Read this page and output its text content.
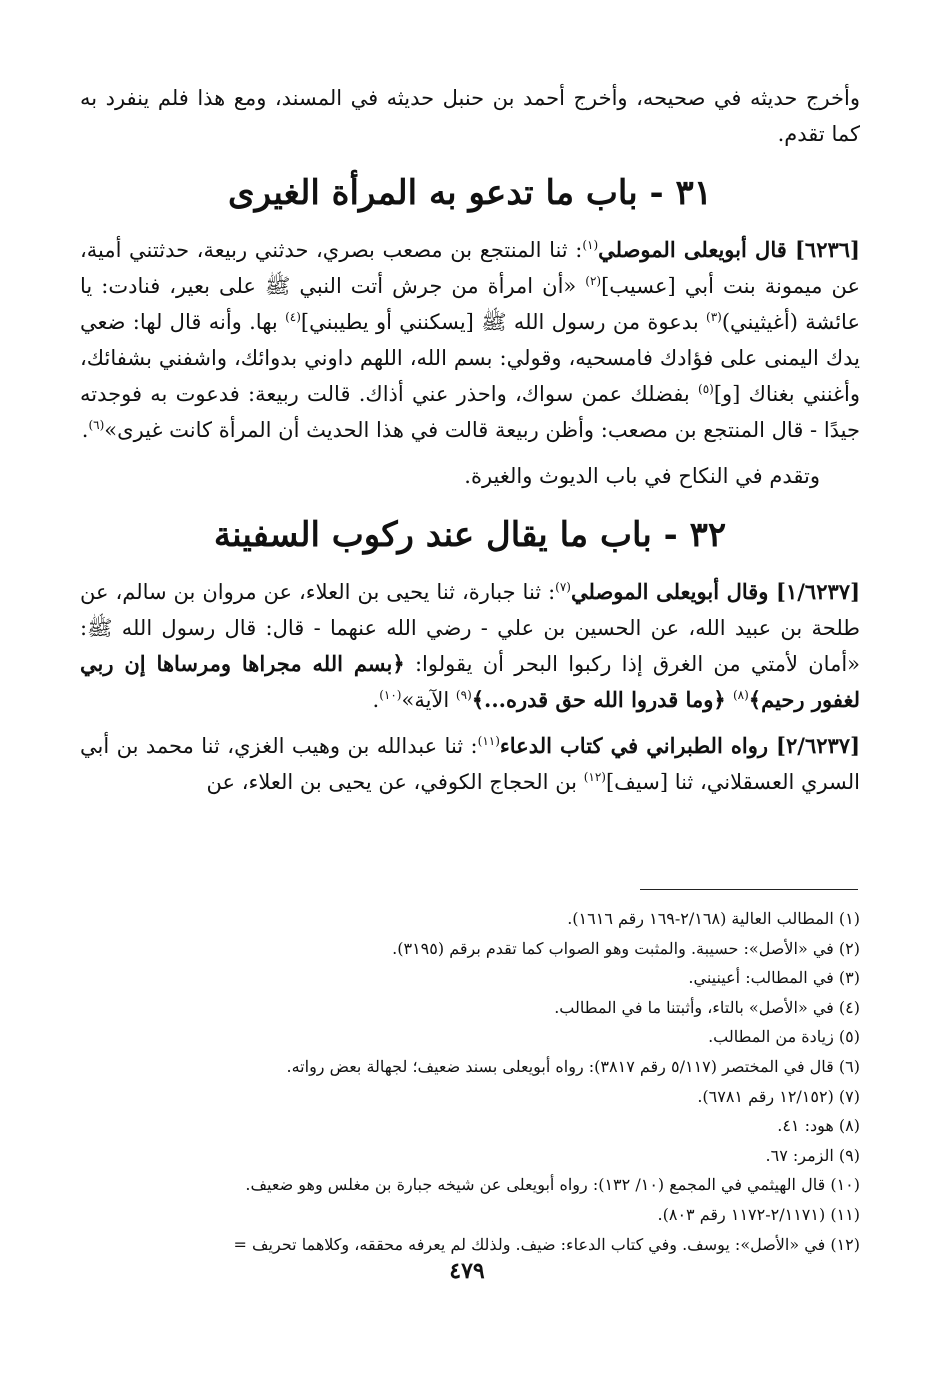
وأخرج حديثه في صحيحه، وأخرج أحمد بن حنبل حديثه في المسند، ومع هذا فلم ينفرد به كما تقدم.

٣١ - باب ما تدعو به المرأة الغيرى

[٦٢٣٦] قال أبويعلى الموصلي$^{(١)}$: ثنا المنتجع بن مصعب بصري، حدثني ربيعة، حدثتني أمية، عن ميمونة بنت أبي [عسيب]$^{(٢)}$ «أن امرأة من جرش أتت النبي ﷺ على بعير، فنادت: يا عائشة (أغيثيني)$^{(٣)}$ بدعوة من رسول الله ﷺ [يسكنني أو يطيبني]$^{(٤)}$ بها. وأنه قال لها: ضعي يدك اليمنى على فؤادك فامسحيه، وقولي: بسم الله، اللهم داوني بدوائك، واشفني بشفائك، وأغنني بغناك [و]$^{(٥)}$ بفضلك عمن سواك، واحذر عني أذاك. قالت ربيعة: فدعوت به فوجدته جيدًا - قال المنتجع بن مصعب: وأظن ربيعة قالت في هذا الحديث أن المرأة كانت غيرى»$^{(٦)}$.

وتقدم في النكاح في باب الديوث والغيرة.

٣٢ - باب ما يقال عند ركوب السفينة

[١/٦٢٣٧] وقال أبويعلى الموصلي$^{(٧)}$: ثنا جبارة، ثنا يحيى بن العلاء، عن مروان بن سالم، عن طلحة بن عبيد الله، عن الحسين بن علي - رضي الله عنهما - قال: قال رسول الله ﷺ: «أمان لأمتي من الغرق إذا ركبوا البحر أن يقولوا: ﴿بسم الله مجراها ومرساها إن ربي لغفور رحيم﴾$^{(٨)}$ ﴿وما قدروا الله حق قدره...﴾$^{(٩)}$ الآية»$^{(١٠)}$.

[٢/٦٢٣٧] رواه الطبراني في كتاب الدعاء$^{(١١)}$: ثنا عبدالله بن وهيب الغزي، ثنا محمد بن أبي السري العسقلاني، ثنا [سيف]$^{(١٢)}$ بن الحجاج الكوفي، عن يحيى بن العلاء، عن

(١) المطالب العالية (٢/١٦٨-١٦٩ رقم ١٦١٦).

(٢) في «الأصل»: حسيبة. والمثبت وهو الصواب كما تقدم برقم (٣١٩٥).

(٣) في المطالب: أعينيني.

(٤) في «الأصل» بالتاء، وأثبتنا ما في المطالب.

(٥) زيادة من المطالب.

(٦) قال في المختصر (٥/١١٧ رقم ٣٨١٧): رواه أبويعلى بسند ضعيف؛ لجهالة بعض رواته.

(٧) (١٢/١٥٢ رقم ٦٧٨١).

(٨) هود: ٤١.

(٩) الزمر: ٦٧.

(١٠) قال الهيثمي في المجمع (١٠/ ١٣٢): رواه أبويعلى عن شيخه جبارة بن مغلس وهو ضعيف.

(١١) (٢/١١٧١-١١٧٢ رقم ٨٠٣).

(١٢) في «الأصل»: يوسف. وفي كتاب الدعاء: ضيف. ولذلك لم يعرفه محققه، وكلاهما تحريف =

٤٧٩
